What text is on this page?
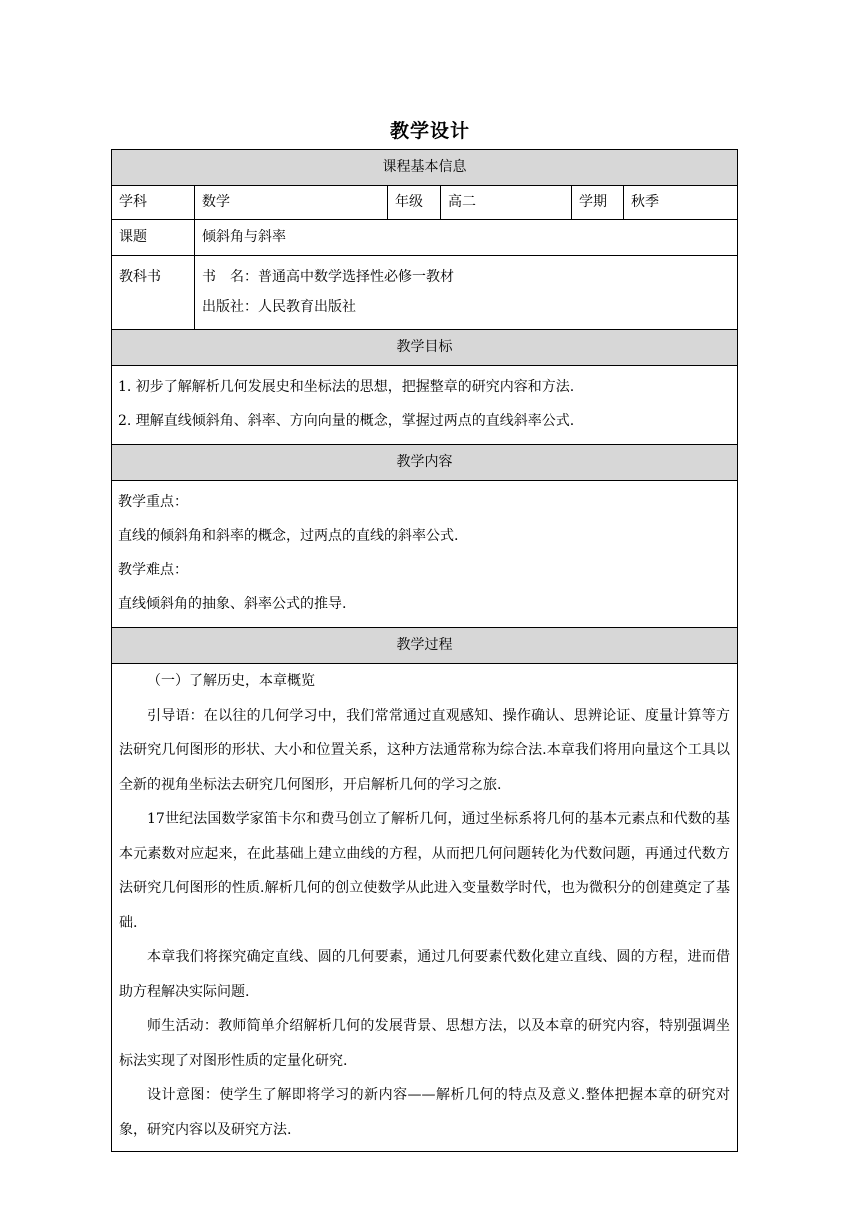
教学设计
课程基本信息
学科	数学	年级	高二	学期	秋季
课题	倾斜角与斜率
教科书	书　名：普通高中数学选择性必修一教材
出版社：人民教育出版社
教学目标

1. 初步了解解析几何发展史和坐标法的思想，把握整章的研究内容和方法.

2. 理解直线倾斜角、斜率、方向向量的概念，掌握过两点的直线斜率公式.

教学内容

教学重点：

直线的倾斜角和斜率的概念，过两点的直线的斜率公式.

教学难点：

直线倾斜角的抽象、斜率公式的推导.

教学过程

（一）了解历史，本章概览

引导语：在以往的几何学习中，我们常常通过直观感知、操作确认、思辨论证、度量计算等方法研究几何图形的形状、大小和位置关系，这种方法通常称为综合法.本章我们将用向量这个工具以全新的视角坐标法去研究几何图形，开启解析几何的学习之旅.

17世纪法国数学家笛卡尔和费马创立了解析几何，通过坐标系将几何的基本元素点和代数的基本元素数对应起来，在此基础上建立曲线的方程，从而把几何问题转化为代数问题，再通过代数方法研究几何图形的性质.解析几何的创立使数学从此进入变量数学时代，也为微积分的创建奠定了基础.

本章我们将探究确定直线、圆的几何要素，通过几何要素代数化建立直线、圆的方程，进而借助方程解决实际问题.

师生活动：教师简单介绍解析几何的发展背景、思想方法，以及本章的研究内容，特别强调坐标法实现了对图形性质的定量化研究.

设计意图：使学生了解即将学习的新内容——解析几何的特点及意义.整体把握本章的研究对象，研究内容以及研究方法.
